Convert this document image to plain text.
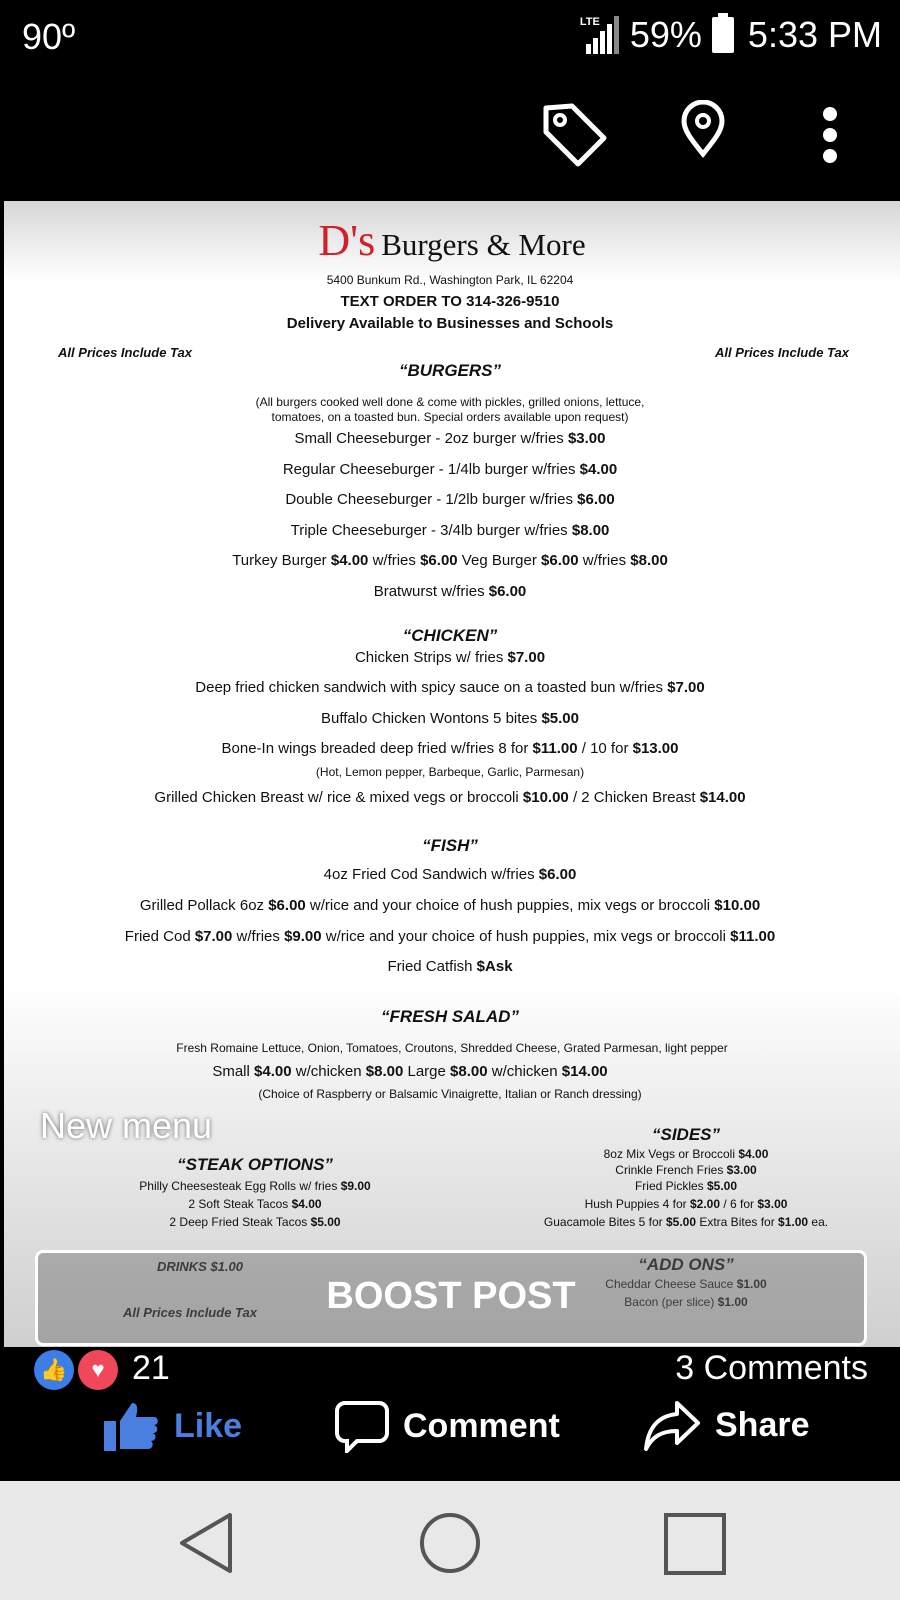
90º	LTE 59% 5:33 PM
D's Burgers & More
5400 Bunkum Rd., Washington Park, IL 62204
TEXT ORDER TO 314-326-9510
Delivery Available to Businesses and Schools
All Prices Include Tax	All Prices Include Tax
“BURGERS”
(All burgers cooked well done & come with pickles, grilled onions, lettuce,
tomatoes, on a toasted bun. Special orders available upon request)
Small Cheeseburger - 2oz burger w/fries $3.00
Regular Cheeseburger - 1/4lb burger w/fries $4.00
Double Cheeseburger - 1/2lb burger w/fries $6.00
Triple Cheeseburger - 3/4lb burger w/fries $8.00
Turkey Burger $4.00 w/fries $6.00 Veg Burger $6.00 w/fries $8.00
Bratwurst w/fries $6.00
“CHICKEN”
Chicken Strips w/ fries $7.00
Deep fried chicken sandwich with spicy sauce on a toasted bun w/fries $7.00
Buffalo Chicken Wontons 5 bites $5.00
Bone-In wings breaded deep fried w/fries 8 for $11.00 / 10 for $13.00
(Hot, Lemon pepper, Barbeque, Garlic, Parmesan)
Grilled Chicken Breast w/ rice & mixed vegs or broccoli $10.00 / 2 Chicken Breast $14.00
“FISH”
4oz Fried Cod Sandwich w/fries $6.00
Grilled Pollack 6oz $6.00 w/rice and your choice of hush puppies, mix vegs or broccoli $10.00
Fried Cod $7.00 w/fries $9.00 w/rice and your choice of hush puppies, mix vegs or broccoli $11.00
Fried Catfish $Ask
“FRESH SALAD”
Fresh Romaine Lettuce, Onion, Tomatoes, Croutons, Shredded Cheese, Grated Parmesan, light pepper
Small $4.00 w/chicken $8.00 Large $8.00 w/chicken $14.00
(Choice of Raspberry or Balsamic Vinaigrette, Italian or Ranch dressing)
“SIDES”
“STEAK OPTIONS”
8oz Mix Vegs or Broccoli $4.00
Crinkle French Fries $3.00
Fried Pickles $5.00
Hush Puppies 4 for $2.00 / 6 for $3.00
Guacamole Bites 5 for $5.00 Extra Bites for $1.00 ea.
Philly Cheesesteak Egg Rolls w/ fries $9.00
2 Soft Steak Tacos $4.00
2 Deep Fried Steak Tacos $5.00
DRINKS $1.00	“ADD ONS”
Cheddar Cheese Sauce $1.00
Bacon (per slice) $1.00
All Prices Include Tax
New menu
BOOST POST
Like	Comment	Share
👍	♥ 21	3 Comments
